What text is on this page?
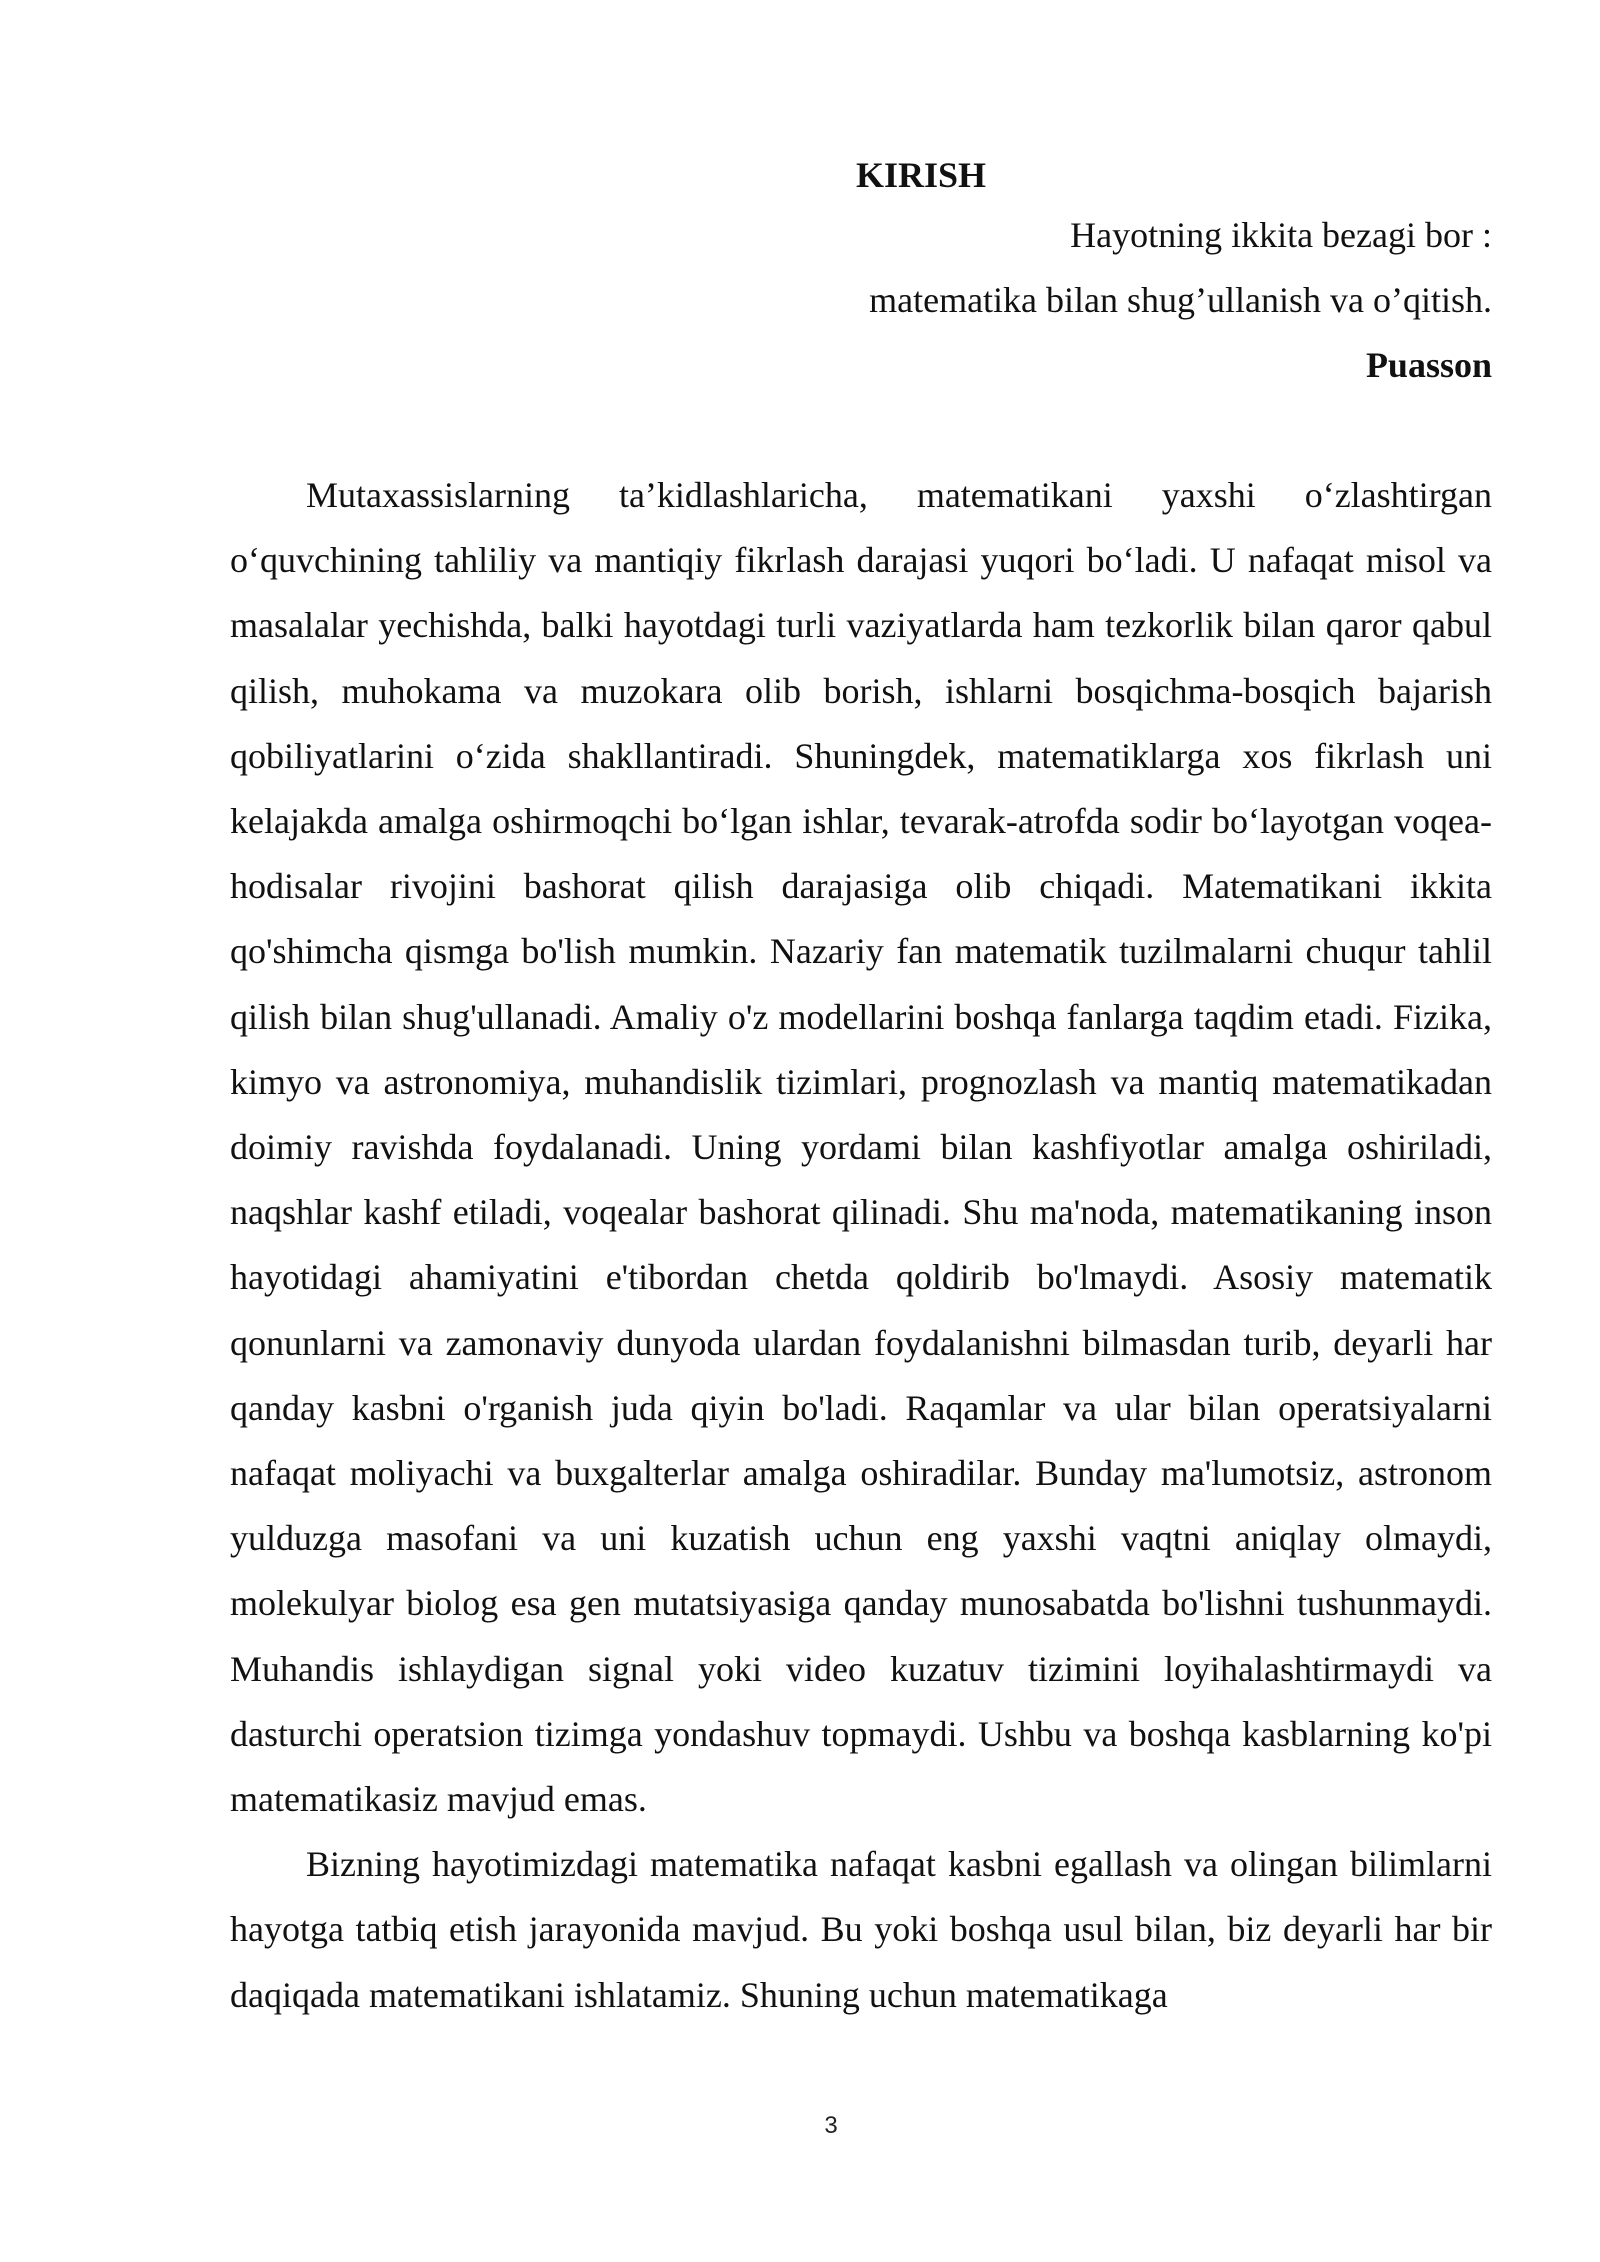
KIRISH

Hayotning ikkita bezagi bor :

matematika bilan shug’ullanish va o’qitish.

Puasson

Mutaxassislarning ta’kidlashlaricha, matematikani yaxshi o‘zlashtirgan o‘quvchining tahliliy va mantiqiy fikrlash darajasi yuqori bo‘ladi. U nafaqat misol va masalalar yechishda, balki hayotdagi turli vaziyatlarda ham tezkorlik bilan qaror qabul qilish, muhokama va muzokara olib borish, ishlarni bosqichma-bosqich bajarish qobiliyatlarini o‘zida shakllantiradi. Shuningdek, matematiklarga xos fikrlash uni kelajakda amalga oshirmoqchi bo‘lgan ishlar, tevarak-atrofda sodir bo‘layotgan voqea-hodisalar rivojini bashorat qilish darajasiga olib chiqadi. Matematikani ikkita qo'shimcha qismga bo'lish mumkin. Nazariy fan matematik tuzilmalarni chuqur tahlil qilish bilan shug'ullanadi. Amaliy o'z modellarini boshqa fanlarga taqdim etadi. Fizika, kimyo va astronomiya, muhandislik tizimlari, prognozlash va mantiq matematikadan doimiy ravishda foydalanadi. Uning yordami bilan kashfiyotlar amalga oshiriladi, naqshlar kashf etiladi, voqealar bashorat qilinadi. Shu ma'noda, matematikaning inson hayotidagi ahamiyatini e'tibordan chetda qoldirib bo'lmaydi. Asosiy matematik qonunlarni va zamonaviy dunyoda ulardan foydalanishni bilmasdan turib, deyarli har qanday kasbni o'rganish juda qiyin bo'ladi. Raqamlar va ular bilan operatsiyalarni nafaqat moliyachi va buxgalterlar amalga oshiradilar. Bunday ma'lumotsiz, astronom yulduzga masofani va uni kuzatish uchun eng yaxshi vaqtni aniqlay olmaydi, molekulyar biolog esa gen mutatsiyasiga qanday munosabatda bo'lishni tushunmaydi. Muhandis ishlaydigan signal yoki video kuzatuv tizimini loyihalashtirmaydi va dasturchi operatsion tizimga yondashuv topmaydi. Ushbu va boshqa kasblarning ko'pi matematikasiz mavjud emas.

Bizning hayotimizdagi matematika nafaqat kasbni egallash va olingan bilimlarni hayotga tatbiq etish jarayonida mavjud. Bu yoki boshqa usul bilan, biz deyarli har bir daqiqada matematikani ishlatamiz. Shuning uchun matematikaga

3
